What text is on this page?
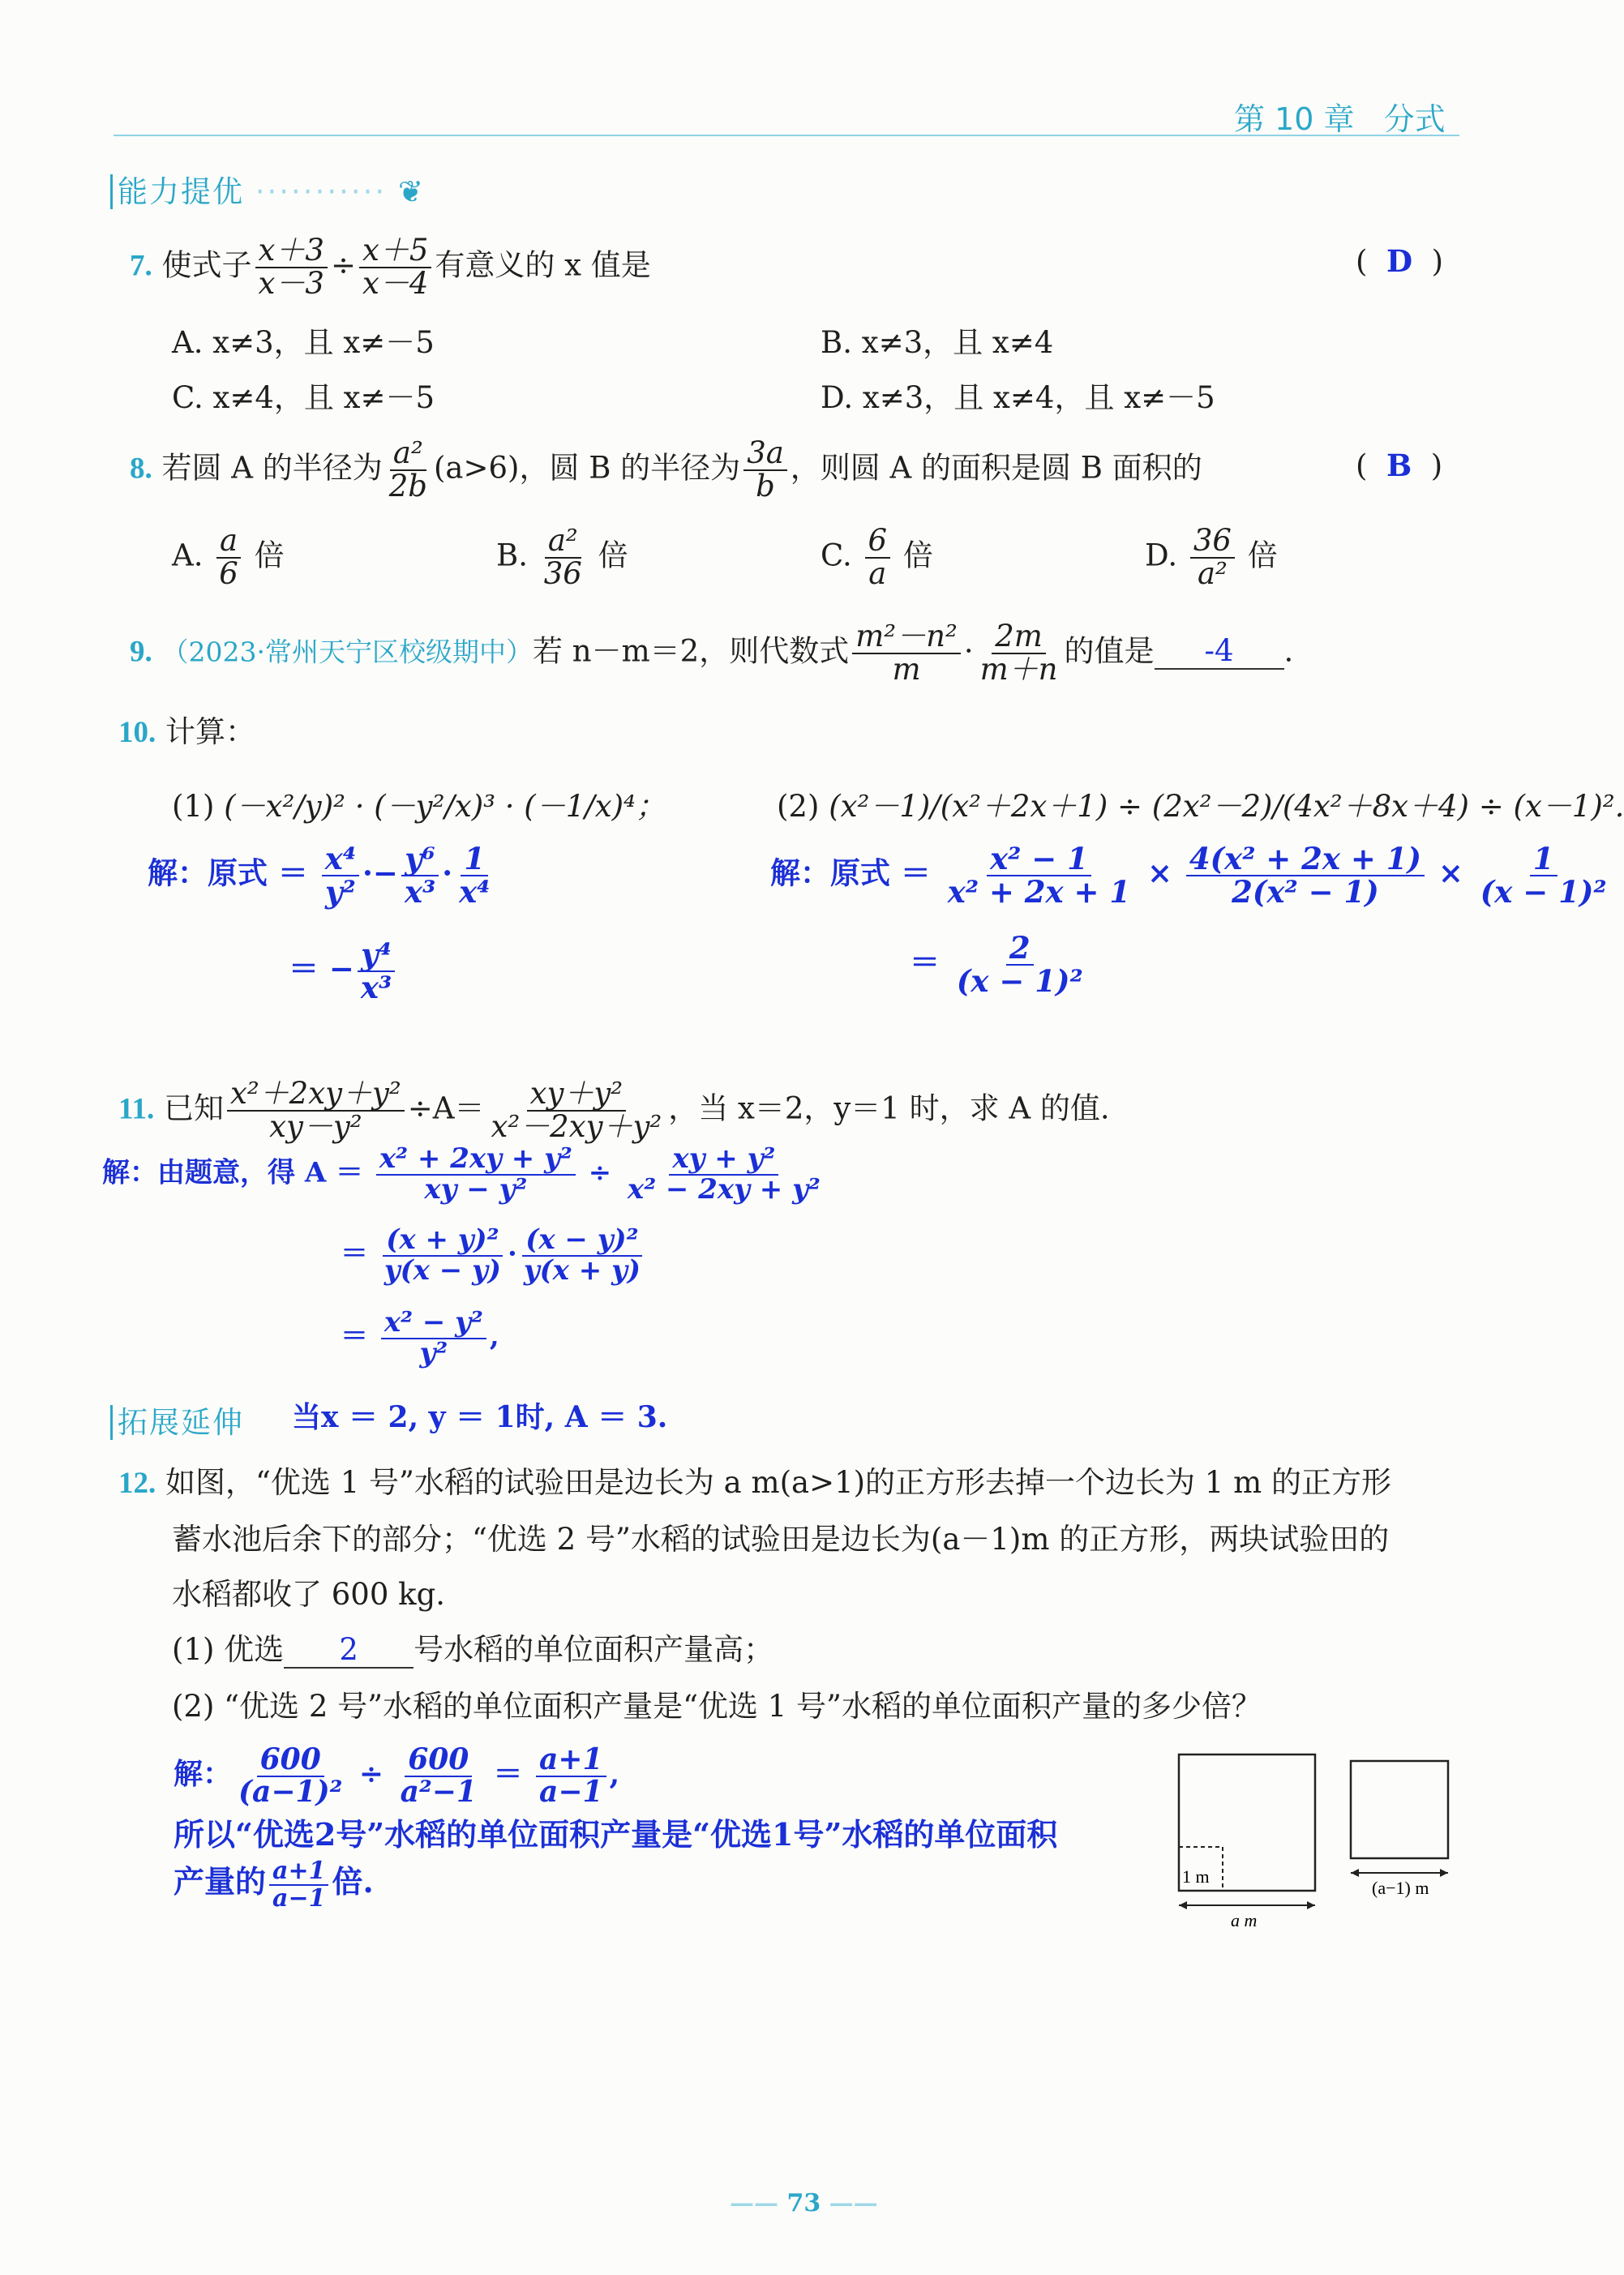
第 10 章 分式
能力提优 ··········· ❦
7. 使式子 $\frac{x+3}{x-3} \div \frac{x+5}{x-4}$ 有意义的 x 值是	(  D  )
A. x≠3，且 x≠－5	B. x≠3，且 x≠4
C. x≠4，且 x≠－5	D. x≠3，且 x≠4，且 x≠－5
8. 若圆 A 的半径为 $\frac{\text{a²}}{2b} (a>6)$，圆 B 的半径为 $\frac{3a}{b}$ ，则圆 A 的面积是圆 B 面积的	(  B  )
A. $\frac{a}{6}$ 倍	B. $\frac{\text{a²}}{36}$ 倍	C. $\frac{6}{a}$ 倍	D. $\frac{36}{\text{a²}}$ 倍
9. （2023·常州天宁区校级期中）若 n－m＝2，则代数式 $\frac{\text{m²－n²}}{m} \cdot \frac{2m}{m+n}$ 的值是 -4 .
10. 计算：
(1) (－x²/y)² · (－y²/x)³ · (－1/x)⁴；	(2) (x²－1)/(x²＋2x＋1) ÷ (2x²－2)/(4x²＋8x＋4) ÷ (x－1)².
解：原式 ＝ $\frac{\text{x⁴}}{\text{y²}} \cdot- \frac{\text{y⁶}}{\text{x³}} \cdot \frac{1}{\text{x⁴}}$
＝ − $\frac{\text{y⁴}}{\text{x³}}$
解：原式 ＝ $\frac{\text{x² − 1}}{\text{x² + 2x + 1}} \times \frac{\text{4(x² + 2x + 1)}}{\text{2(x² − 1)}} \times \frac{1}{\text{(x − 1)²}}$
＝ $\frac{2}{\text{(x − 1)²}}$
11. 已知 $\frac{\text{x²＋2xy＋y²}}{\text{xy－y²}} \div A= \frac{\text{xy＋y²}}{\text{x²－2xy＋y²}}$ ，当 x＝2，y＝1 时，求 A 的值.
解：由题意，得 $A = \frac{\text{x² + 2xy + y²}}{\text{xy − y²}} \div \frac{\text{xy + y²}}{\text{x² − 2xy + y²}}$
＝ $\frac{\text{(x + y)²}}{y(x - y)} \cdot \frac{\text{(x − y)²}}{y(x + y)}$
＝ $\frac{\text{x² − y²}}{\text{y²}}$ ,
拓展延伸 当x ＝ 2, y ＝ 1时, A ＝ 3.
12. 如图，“优选 1 号”水稻的试验田是边长为 a m(a>1)的正方形去掉一个边长为 1 m 的正方形
蓄水池后余下的部分；“优选 2 号”水稻的试验田是边长为(a－1)m 的正方形，两块试验田的
水稻都收了 600 kg.
(1) 优选 2 号水稻的单位面积产量高；
(2) “优选 2 号”水稻的单位面积产量是“优选 1 号”水稻的单位面积产量的多少倍？
解： $\frac{600}{\text{(a−1)²}} \div \frac{600}{\text{a²−1}} = \frac{a+1}{a-1}$ ,
所以“优选2号”水稻的单位面积产量是“优选1号”水稻的单位面积
产量的 $\frac{a+1}{a-1}$ 倍.	1 m
a m
(a−1) m
—— 73 ——
